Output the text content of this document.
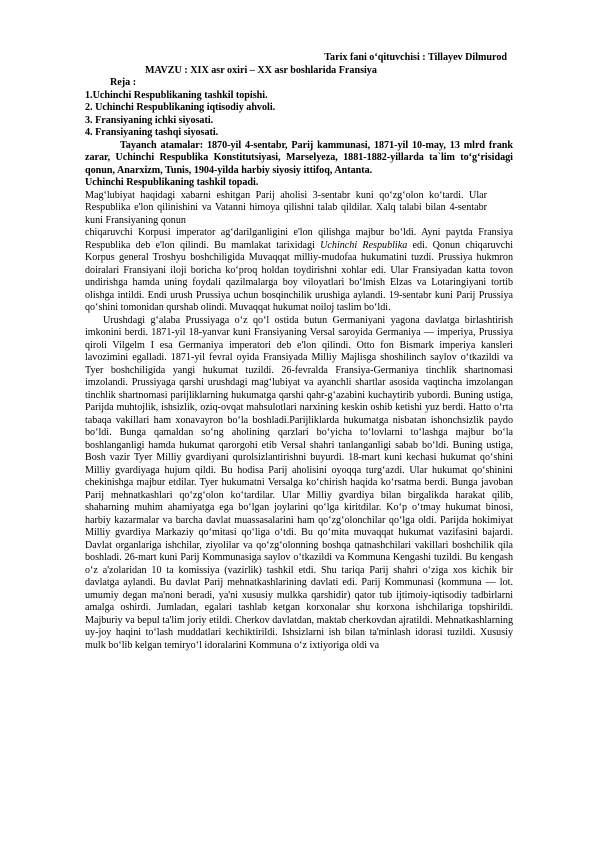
Tarix fani o‘qituvchisi : Tillayev Dilmurod

MAVZU : XIX asr oxiri – XX asr boshlarida Fransiya

Reja :

1.Uchinchi Respublikaning tashkil topishi.

2. Uchinchi Respublikaning iqtisodiy ahvoli.

3. Fransiyaning ichki siyosati.

4. Fransiyaning tashqi siyosati.

Tayanch atamalar: 1870-yil 4-sentabr, Parij kammunasi, 1871-yil 10-may, 13 mlrd frank zarar, Uchinchi Respublika Konstitutsiyasi, Marselyeza, 1881-1882-yillarda ta`lim to‘g‘risidagi qonun, Anarxizm, Tunis, 1904-yilda harbiy siyosiy ittifoq, Antanta.

Uchinchi Respublikaning tashkil topadi.

Mag‘lubiyat haqidagi xabarni eshitgan Parij aholisi 3-sentabr kuni qo‘zg‘olon ko‘tardi. Ular Respublika e'lon qilinishini va Vatanni himoya qilishni talab qildilar. Xalq talabi bilan 4-sentabr kuni Fransiyaning qonun

chiqaruvchi Korpusi imperator ag‘darilganligini e'lon qilishga majbur bo‘ldi. Ayni paytda Fransiya Respublika deb e'lon qilindi. Bu mamlakat tarixidagi Uchinchi Respublika edi. Qonun chiqaruvchi Korpus general Troshyu boshchiligida Muvaqqat milliy-mudofaa hukumatini tuzdi. Prussiya hukmron doiralari Fransiyani iloji boricha ko‘proq holdan toydirishni xohlar edi. Ular Fransiyadan katta tovon undirishga hamda uning foydali qazilmalarga boy viloyatlari bo‘lmish Elzas va Lotaringiyani tortib olishga intildi. Endi urush Prussiya uchun bosqinchilik urushiga aylandi. 19-sentabr kuni Parij Prussiya qo‘shini tomonidan qurshab olindi. Muvaqqat hukumat noiloj taslim bo‘ldi.

Urushdagi g‘alaba Prussiyaga o‘z qo‘l ostida butun Germaniyani yagona davlatga birlashtirish imkonini berdi. 1871-yil 18-yanvar kuni Fransiyaning Versal saroyida Germaniya — imperiya, Prussiya qiroli Vilgelm I esa Germaniya imperatori deb e'lon qilindi. Otto fon Bismark imperiya kansleri lavozimini egalladi. 1871-yil fevral oyida Fransiyada Milliy Majlisga shoshilinch saylov o‘tkazildi va Tyer boshchiligida yangi hukumat tuzildi. 26-fevralda Fransiya-Germaniya tinchlik shartnomasi imzolandi. Prussiyaga qarshi urushdagi mag‘lubiyat va ayanchli shartlar asosida vaqtincha imzolangan tinchlik shartnomasi parijliklarning hukumatga qarshi qahr-g‘azabini kuchaytirib yubordi. Buning ustiga, Parijda muhtojlik, ishsizlik, oziq-ovqat mahsulotlari narxining keskin oshib ketishi yuz berdi. Hatto o‘rta tabaqa vakillari ham xonavayron bo‘la boshladi.Parijliklarda hukumatga nisbatan ishonchsizlik paydo bo‘ldi. Bunga qamaldan so‘ng aholining qarzlari bo‘yicha to‘lovlarni to‘lashga majbur bo‘la boshlanganligi hamda hukumat qarorgohi etib Versal shahri tanlanganligi sabab bo‘ldi. Buning ustiga, Bosh vazir Tyer Milliy gvardiyani qurolsizlantirishni buyurdi. 18-mart kuni kechasi hukumat qo‘shini Milliy gvardiyaga hujum qildi. Bu hodisa Parij aholisini oyoqqa turg‘azdi. Ular hukumat qo‘shinini chekinishga majbur etdilar. Tyer hukumatni Versalga ko‘chirish haqida ko‘rsatma berdi. Bunga javoban Parij mehnatkashlari qo‘zg‘olon ko‘tardilar. Ular Milliy gvardiya bilan birgalikda harakat qilib, shaharning muhim ahamiyatga ega bo‘lgan joylarini qo‘lga kiritdilar. Ko‘p o‘tmay hukumat binosi, harbiy kazarmalar va barcha davlat muassasalarini ham qo‘zg‘olonchilar qo‘lga oldi. Parijda hokimiyat Milliy gvardiya Markaziy qo‘mitasi qo‘liga o‘tdi. Bu qo‘mita muvaqqat hukumat vazifasini bajardi. Davlat organlariga ishchilar, ziyolilar va qo‘zg‘olonning boshqa qatnashchilari vakillari boshchilik qila boshladi. 26-mart kuni Parij Kommunasiga saylov o‘tkazildi va Kommuna Kengashi tuzildi. Bu kengash o‘z a'zolaridan 10 ta komissiya (vazirlik) tashkil etdi. Shu tariqa Parij shahri o‘ziga xos kichik bir davlatga aylandi. Bu davlat Parij mehnatkashlarining davlati edi. Parij Kommunasi (kommuna — lot. umumiy degan ma'noni beradi, ya'ni xususiy mulkka qarshidir) qator tub ijtimoiy-iqtisodiy tadbirlarni amalga oshirdi. Jumladan, egalari tashlab ketgan korxonalar shu korxona ishchilariga topshirildi. Majburiy va bepul ta'lim joriy etildi. Cherkov davlatdan, maktab cherkovdan ajratildi. Mehnatkashlarning uy-joy haqini to‘lash muddatlari kechiktirildi. Ishsizlarni ish bilan ta'minlash idorasi tuzildi. Xususiy mulk bo‘lib kelgan temiryo‘l idoralarini Kommuna o‘z ixtiyoriga oldi va
